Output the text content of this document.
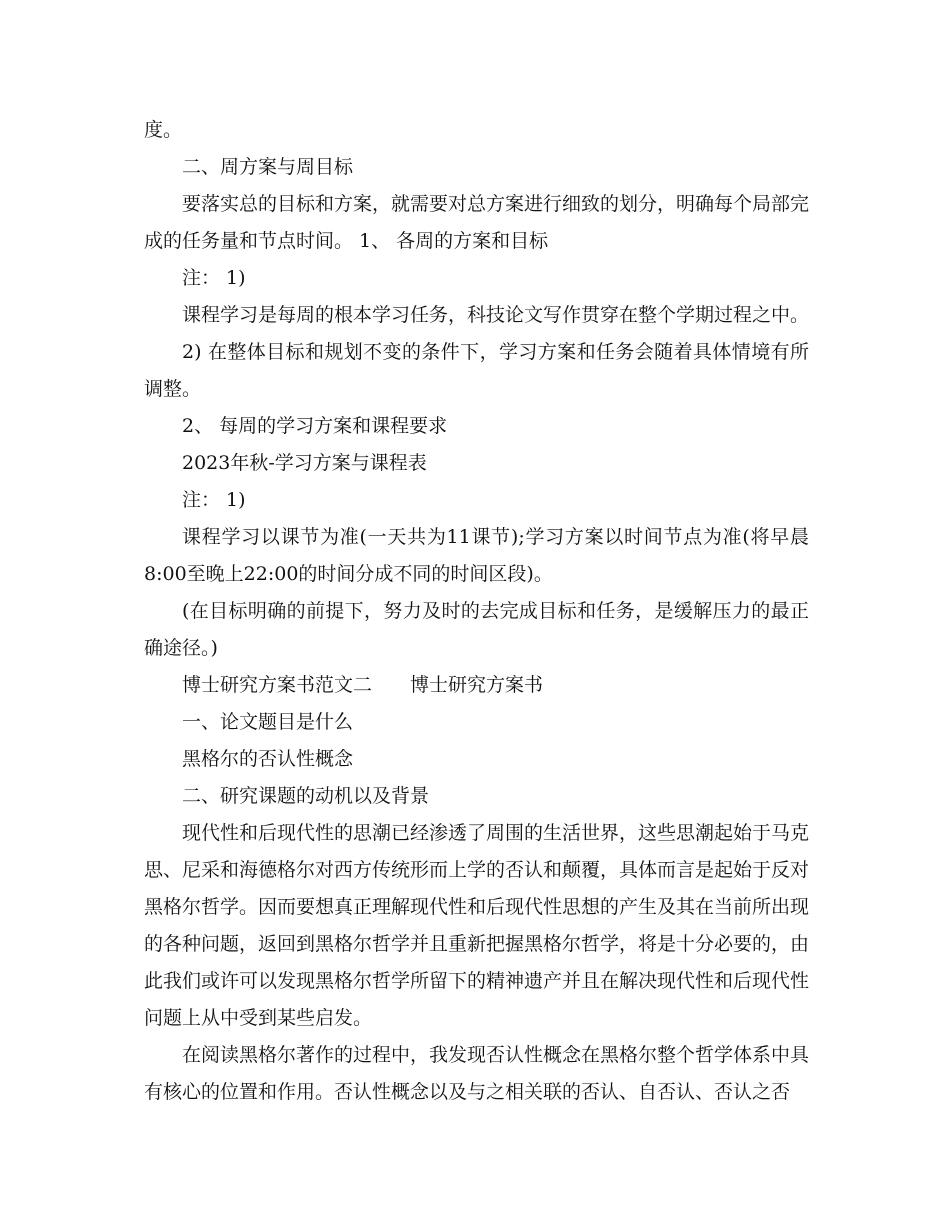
度。

二、周方案与周目标

要落实总的目标和方案，就需要对总方案进行细致的划分，明确每个局部完成的任务量和节点时间。 1、 各周的方案和目标

注： 1)

课程学习是每周的根本学习任务，科技论文写作贯穿在整个学期过程之中。

2) 在整体目标和规划不变的条件下，学习方案和任务会随着具体情境有所调整。

2、 每周的学习方案和课程要求

2023年秋-学习方案与课程表

注： 1)

课程学习以课节为准(一天共为11课节);学习方案以时间节点为准(将早晨8:00至晚上22:00的时间分成不同的时间区段)。

(在目标明确的前提下，努力及时的去完成目标和任务，是缓解压力的最正确途径。)

博士研究方案书范文二 博士研究方案书

一、论文题目是什么

黑格尔的否认性概念

二、研究课题的动机以及背景

现代性和后现代性的思潮已经渗透了周围的生活世界，这些思潮起始于马克思、尼采和海德格尔对西方传统形而上学的否认和颠覆，具体而言是起始于反对黑格尔哲学。因而要想真正理解现代性和后现代性思想的产生及其在当前所出现的各种问题，返回到黑格尔哲学并且重新把握黑格尔哲学，将是十分必要的，由此我们或许可以发现黑格尔哲学所留下的精神遗产并且在解决现代性和后现代性问题上从中受到某些启发。

在阅读黑格尔著作的过程中，我发现否认性概念在黑格尔整个哲学体系中具有核心的位置和作用。否认性概念以及与之相关联的否认、自否认、否认之否
